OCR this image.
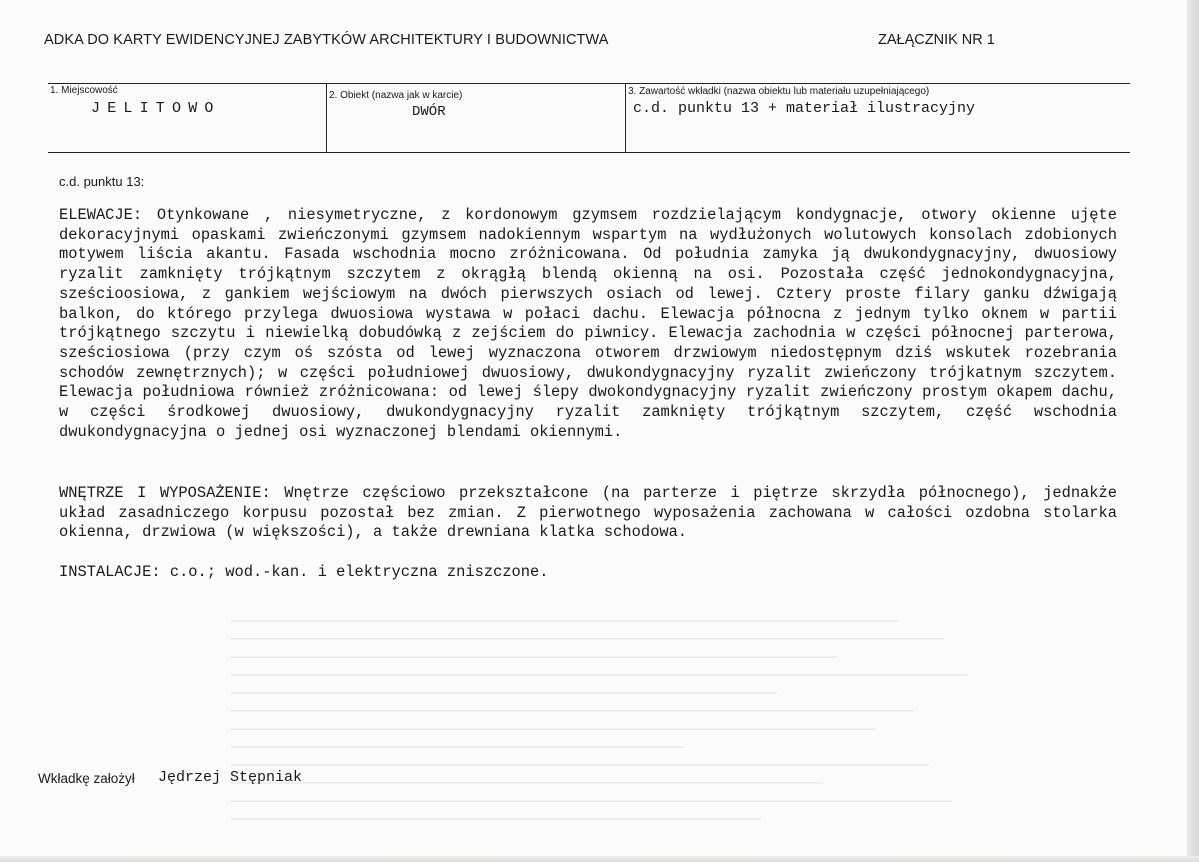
ADKA DO KARTY EWIDENCYJNEJ ZABYTKÓW ARCHITEKTURY I BUDOWNICTWA	ZAŁĄCZNIK NR 1
1. Miejscowość
JELITOWO
2. Obiekt (nazwa jak w karcie)
DWÓR
3. Zawartość wkładki (nazwa obiektu lub materiału uzupełniającego)
c.d. punktu 13 + materiał ilustracyjny
c.d. punktu 13:

ELEWACJE: Otynkowane , niesymetryczne, z kordonowym gzymsem rozdzielającym kondygnacje, otwory okienne ujęte dekoracyjnymi opaskami zwieńczonymi gzymsem nadokiennym wspartym na wydłużonych wolutowych konsolach zdobionych motywem liścia akantu. Fasada wschodnia mocno zróżnicowana. Od południa zamyka ją dwukondygnacyjny, dwuosiowy ryzalit zamknięty trójkątnym szczytem z okrągłą blendą okienną na osi. Pozostała część jednokondygnacyjna, sześcioosiowa, z gankiem wejściowym na dwóch pierwszych osiach od lewej. Cztery proste filary ganku dźwigają balkon, do którego przylega dwuosiowa wystawa w połaci dachu. Elewacja północna z jednym tylko oknem w partii trójkątnego szczytu i niewielką dobudówką z zejściem do piwnicy. Elewacja zachodnia w części północnej parterowa, sześciosiowa (przy czym oś szósta od lewej wyznaczona otworem drzwiowym niedostępnym dziś wskutek rozebrania schodów zewnętrznych); w części południowej dwuosiowy, dwukondygnacyjny ryzalit zwieńczony trójkatnym szczytem. Elewacja południowa również zróżnicowana: od lewej ślepy dwokondygnacyjny ryzalit zwieńczony prostym okapem dachu, w części środkowej dwuosiowy, dwukondygnacyjny ryzalit zamknięty trójkątnym szczytem, część wschodnia dwukondygnacyjna o jednej osi wyznaczonej blendami okiennymi.

WNĘTRZE I WYPOSAŻENIE: Wnętrze częściowo przekształcone (na parterze i piętrze skrzydła północnego), jednakże układ zasadniczego korpusu pozostał bez zmian. Z pierwotnego wyposażenia zachowana w całości ozdobna stolarka okienna, drzwiowa (w większości), a także drewniana klatka schodowa.

INSTALACJE: c.o.; wod.-kan. i elektryczna zniszczone.

Wkładkę założył Jędrzej Stępniak
